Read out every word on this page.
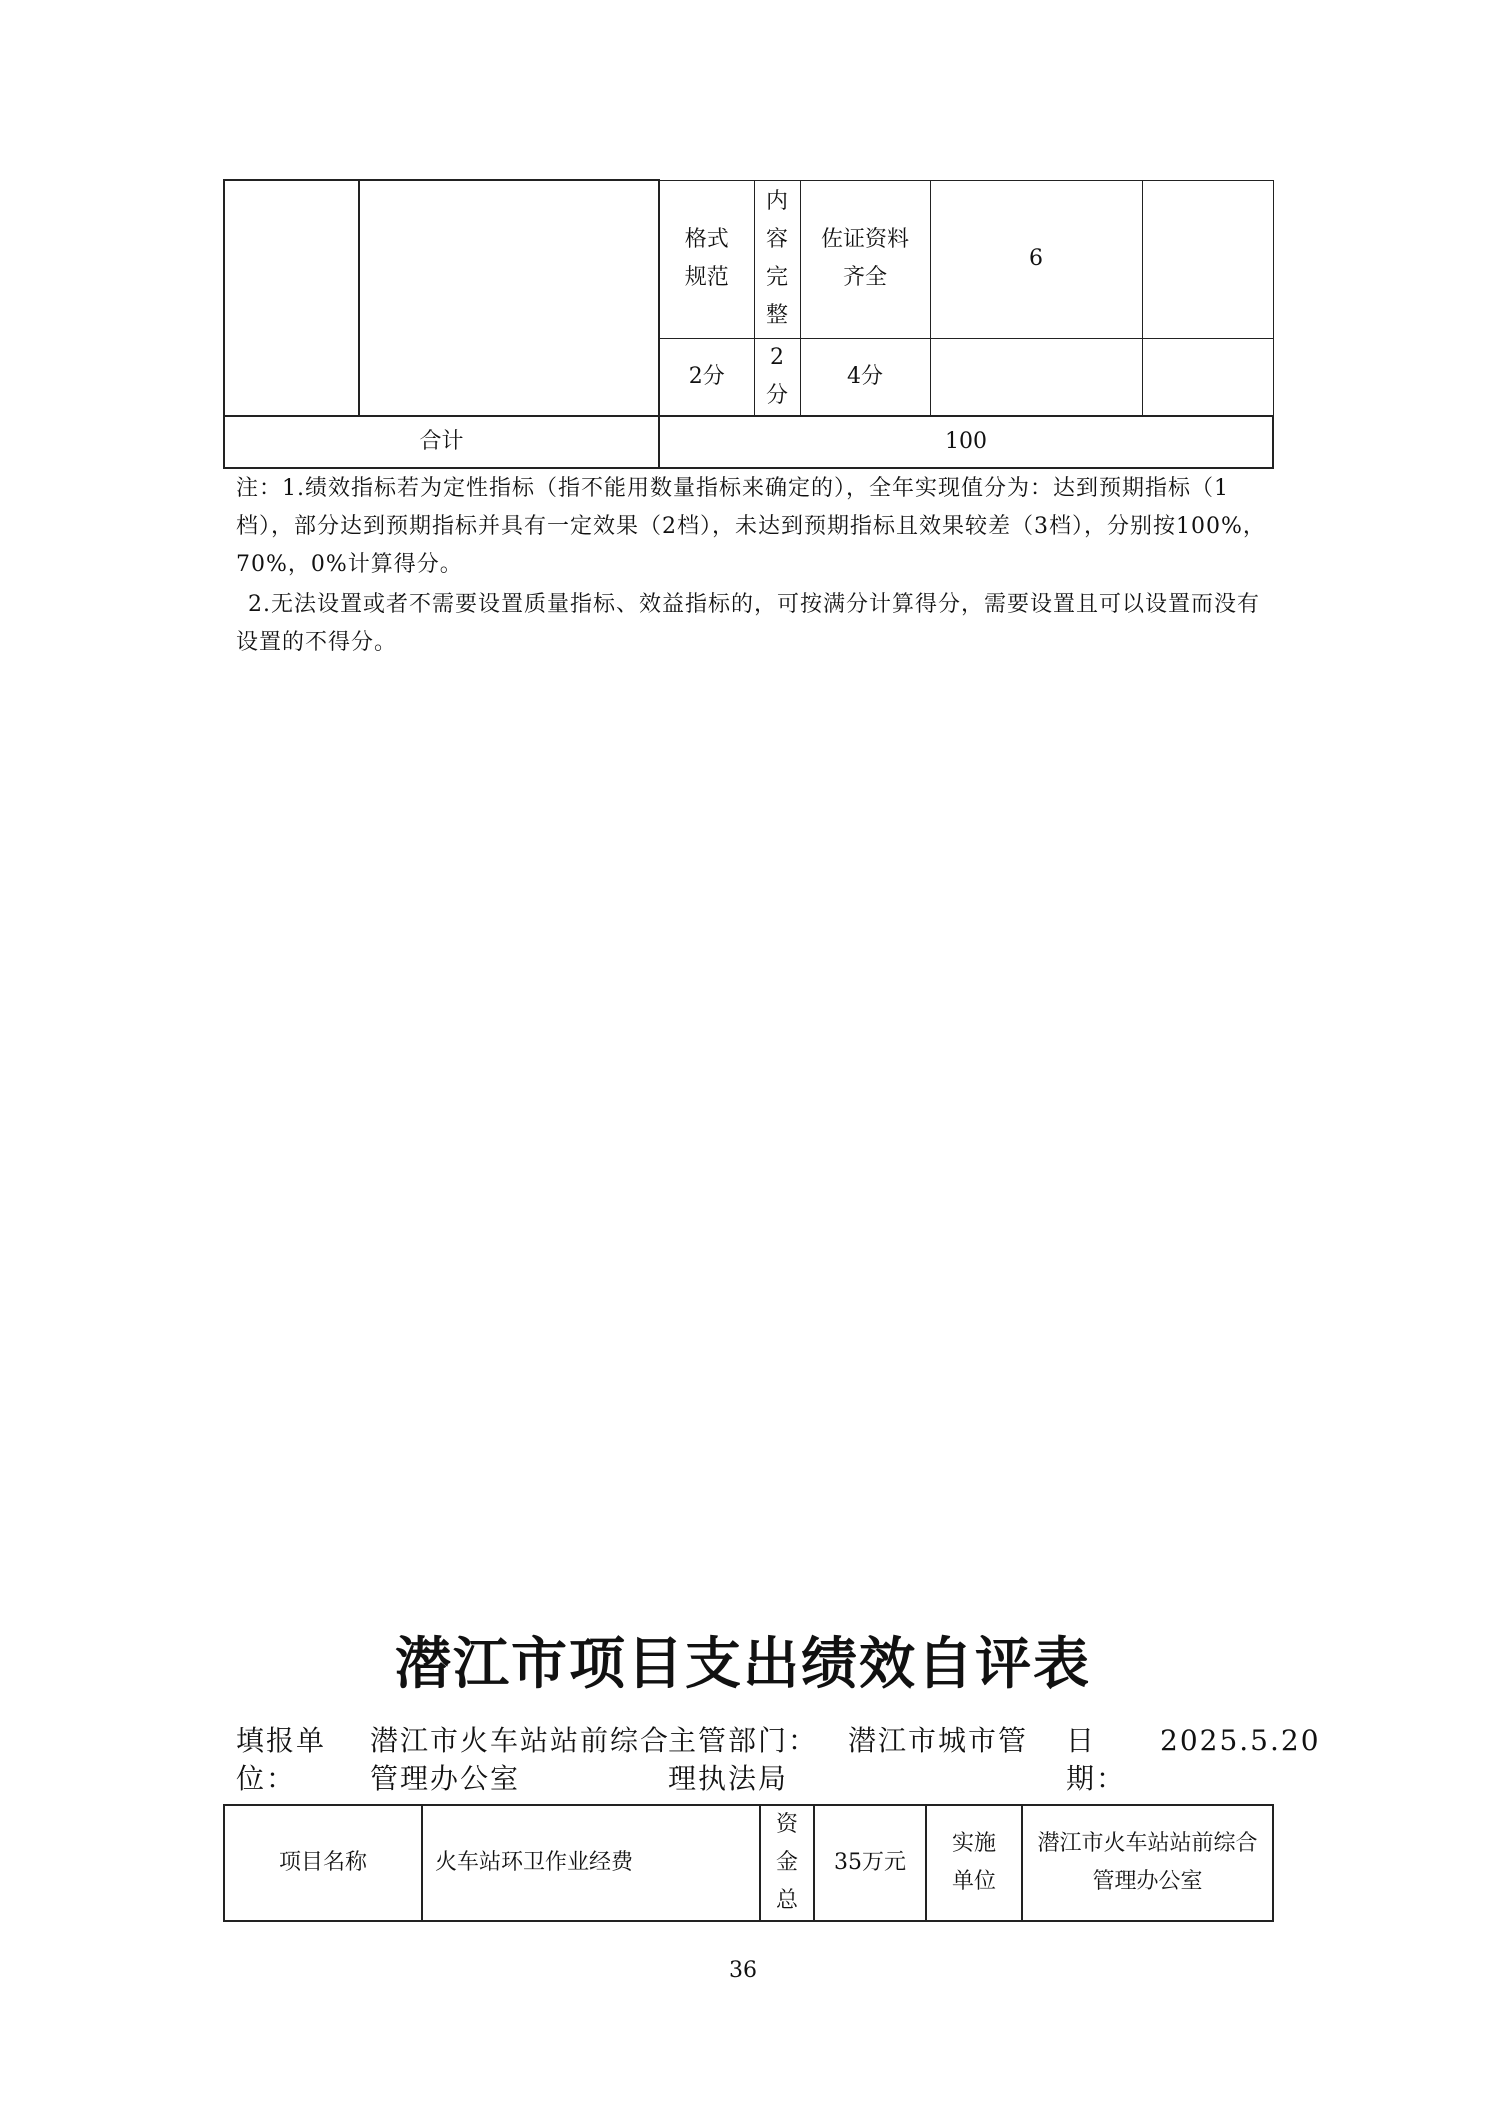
		格式规范	内容完整	佐证资料齐全	6	
		2分	2分	4分		
合计		100				
注：1.绩效指标若为定性指标（指不能用数量指标来确定的），全年实现值分为：达到预期指标（1档），部分达到预期指标并具有一定效果（2档），未达到预期指标且效果较差（3档），分别按100%，70%，0%计算得分。
2.无法设置或者不需要设置质量指标、效益指标的，可按满分计算得分，需要设置且可以设置而没有设置的不得分。
潜江市项目支出绩效自评表
填报单位：
潜江市火车站站前综合管理办公室
主管部门：	潜江市城市管理执法局
日期：
2025.5.20
项目名称	火车站环卫作业经费	资金总	35万元	实施单位	潜江市火车站站前综合管理办公室
36
